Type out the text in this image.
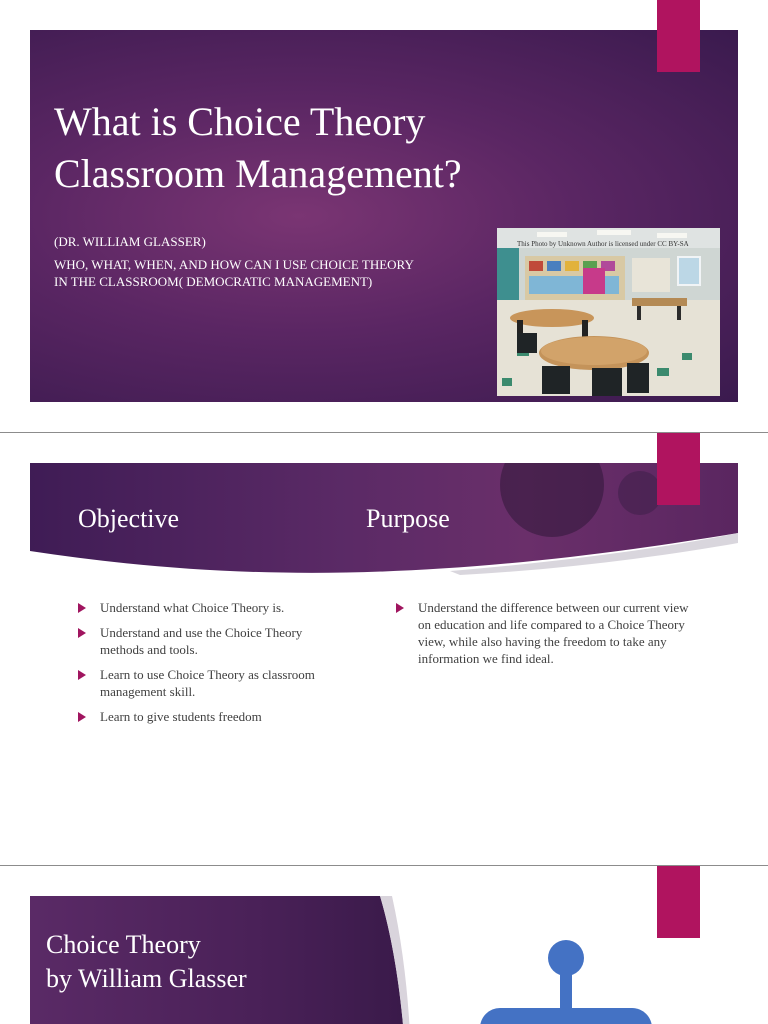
What is Choice Theory
Classroom Management?
(DR. WILLIAM GLASSER)
WHO, WHAT, WHEN, AND HOW CAN I USE CHOICE THEORY
IN THE CLASSROOM( DEMOCRATIC MANAGEMENT)
This Photo by Unknown Author is licensed under CC BY-SA
Objective	Purpose
Understand what Choice Theory is.
Understand and use the Choice Theory methods and tools.
Learn to use Choice Theory as classroom management skill.
Learn to give students freedom
Understand the difference between our current view on education and life compared to a Choice Theory view, while also having the freedom to take any information we find ideal.
Choice Theory
by William Glasser
